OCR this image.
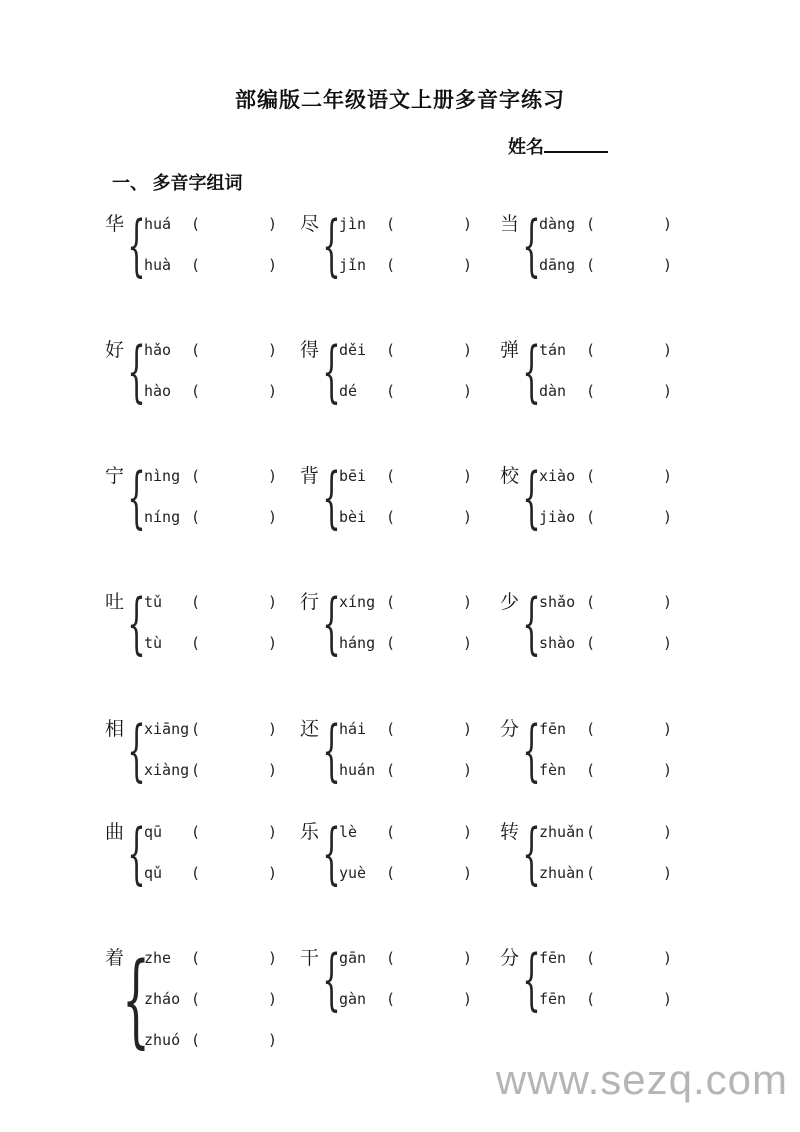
部编版二年级语文上册多音字练习
姓名
一、 多音字组词
华 {
huá (	)
huà (	)
尽 {
jìn (	)
jǐn (	)
当 {
dàng (	)
dāng (	)
好 {
hǎo (	)
hào (	)
得 {
děi (	)
dé (	)
弹 {
tán (	)
dàn (	)
宁 {
nìng (	)
níng (	)
背 {
bēi (	)
bèi (	)
校 {
xiào (	)
jiào (	)
吐 {
tǔ (	)
tù (	)
行 {
xíng (	)
háng (	)
少 {
shǎo (	)
shào (	)
相 {
xiāng (	)
xiàng (	)
还 {
hái (	)
huán (	)
分 {
fēn (	)
fèn (	)
曲 {
qū (	)
qǔ (	)
乐 {
lè (	)
yuè (	)
转 {
zhuǎn (	)
zhuàn (	)
着
{
zhe (	)
zháo (	)
zhuó (	)
干 {
gān (	)
gàn (	)
分 {
fēn (	)
fēn (	)
www.sezq.com
